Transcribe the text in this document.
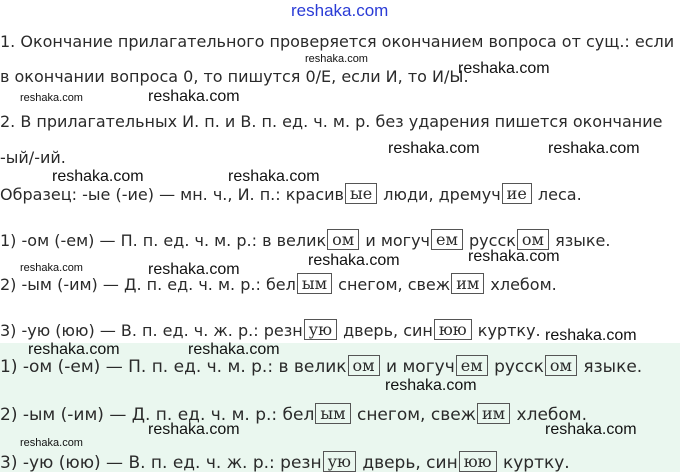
reshaka.com
1. Окончание прилагательного проверяется окончанием вопроса от сущ.: если
в окончании вопроса 0, то пишутся 0/Е, если И, то И/Ы.
2. В прилагательных И. п. и В. п. ед. ч. м. р. без ударения пишется окончание
-ый/-ий.
Образец: -ые (-ие) — мн. ч., И. п.: красив ые люди, дремуч ие леса.
1) -ом (-ем) — П. п. ед. ч. м. р.: в велик ом и могуч ем русск ом языке.
2) -ым (-им) — Д. п. ед. ч. м. р.: бел ым снегом, свеж им хлебом.
3) -ую (юю) — В. п. ед. ч. ж. р.: резн ую дверь, син юю куртку.
1) -ом (-ем) — П. п. ед. ч. м. р.: в велик ом и могуч ем русск ом языке.
2) -ым (-им) — Д. п. ед. ч. м. р.: бел ым снегом, свеж им хлебом.
3) -ую (юю) — В. п. ед. ч. ж. р.: резн ую дверь, син юю куртку.
reshaka.com
reshaka.com
reshaka.com	reshaka.com
reshaka.com	reshaka.com
reshaka.com	reshaka.com
reshaka.com	reshaka.com
reshaka.com	reshaka.com
reshaka.com
reshaka.com	reshaka.com
reshaka.com
reshaka.com	reshaka.com
reshaka.com
